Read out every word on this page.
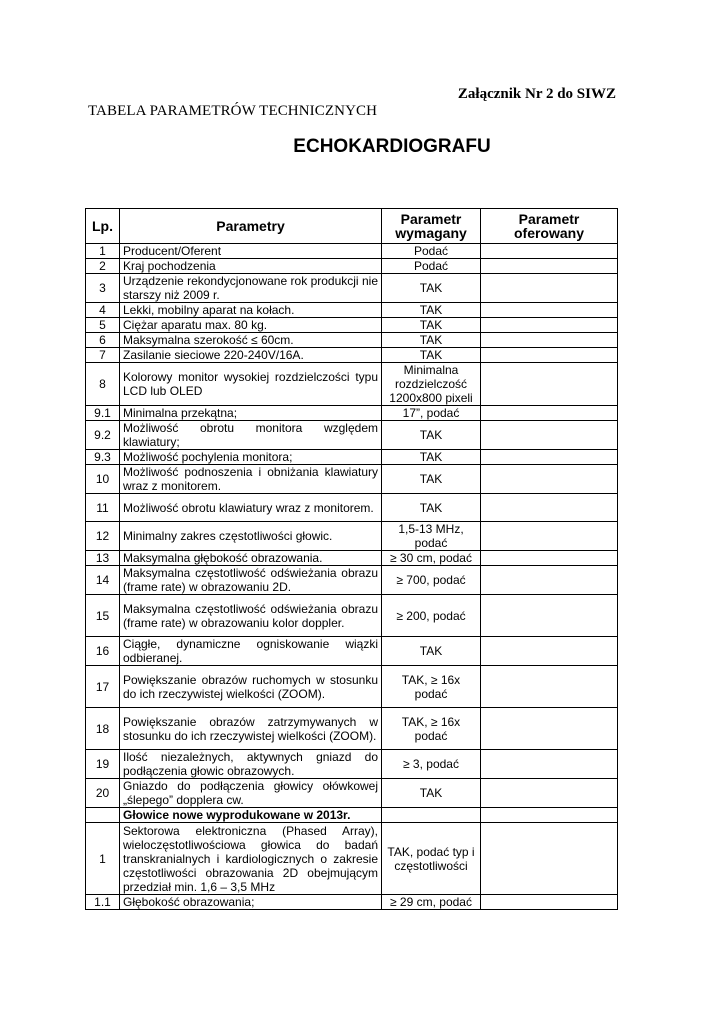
Załącznik Nr 2 do SIWZ
TABELA PARAMETRÓW TECHNICZNYCH
ECHOKARDIOGRAFU
Lp.	Parametry	Parametr wymagany	Parametr oferowany
1	Producent/Oferent	Podać	
2	Kraj pochodzenia	Podać	
3	Urządzenie rekondycjonowane rok produkcji nie starszy niż 2009 r.	TAK	
4	Lekki, mobilny aparat na kołach.	TAK	
5	Ciężar aparatu max. 80 kg.	TAK	
6	Maksymalna szerokość ≤ 60cm.	TAK	
7	Zasilanie sieciowe 220-240V/16A.	TAK	
8	Kolorowy monitor wysokiej rozdzielczości typu LCD lub OLED	Minimalna rozdzielczość 1200x800 pixeli	
9.1	Minimalna przekątna;	17”, podać	
9.2	Możliwość obrotu monitora względem klawiatury;	TAK	
9.3	Możliwość pochylenia monitora;	TAK	
10	Możliwość podnoszenia i obniżania klawiatury wraz z monitorem.	TAK	
11	Możliwość obrotu klawiatury wraz z monitorem.	TAK	
12	Minimalny zakres częstotliwości głowic.	1,5-13 MHz, podać	
13	Maksymalna głębokość obrazowania.	≥ 30 cm, podać	
14	Maksymalna częstotliwość odświeżania obrazu (frame rate) w obrazowaniu 2D.	≥ 700, podać	
15	Maksymalna częstotliwość odświeżania obrazu (frame rate) w obrazowaniu kolor doppler.	≥ 200, podać	
16	Ciągłe, dynamiczne ogniskowanie wiązki odbieranej.	TAK	
17	Powiększanie obrazów ruchomych w stosunku do ich rzeczywistej wielkości (ZOOM).	TAK, ≥ 16x podać	
18	Powiększanie obrazów zatrzymywanych w stosunku do ich rzeczywistej wielkości (ZOOM).	TAK, ≥ 16x podać	
19	Ilość niezależnych, aktywnych gniazd do podłączenia głowic obrazowych.	≥ 3, podać	
20	Gniazdo do podłączenia głowicy ołówkowej „ślepego” dopplera cw.	TAK	
	Głowice nowe wyprodukowane w 2013r.		
1	Sektorowa elektroniczna (Phased Array), wieloczęstotliwościowa głowica do badań transkranialnych i kardiologicznych o zakresie częstotliwości obrazowania 2D obejmującym przedział min. 1,6 – 3,5 MHz	TAK, podać typ i częstotliwości	
1.1	Głębokość obrazowania;	≥ 29 cm, podać	
